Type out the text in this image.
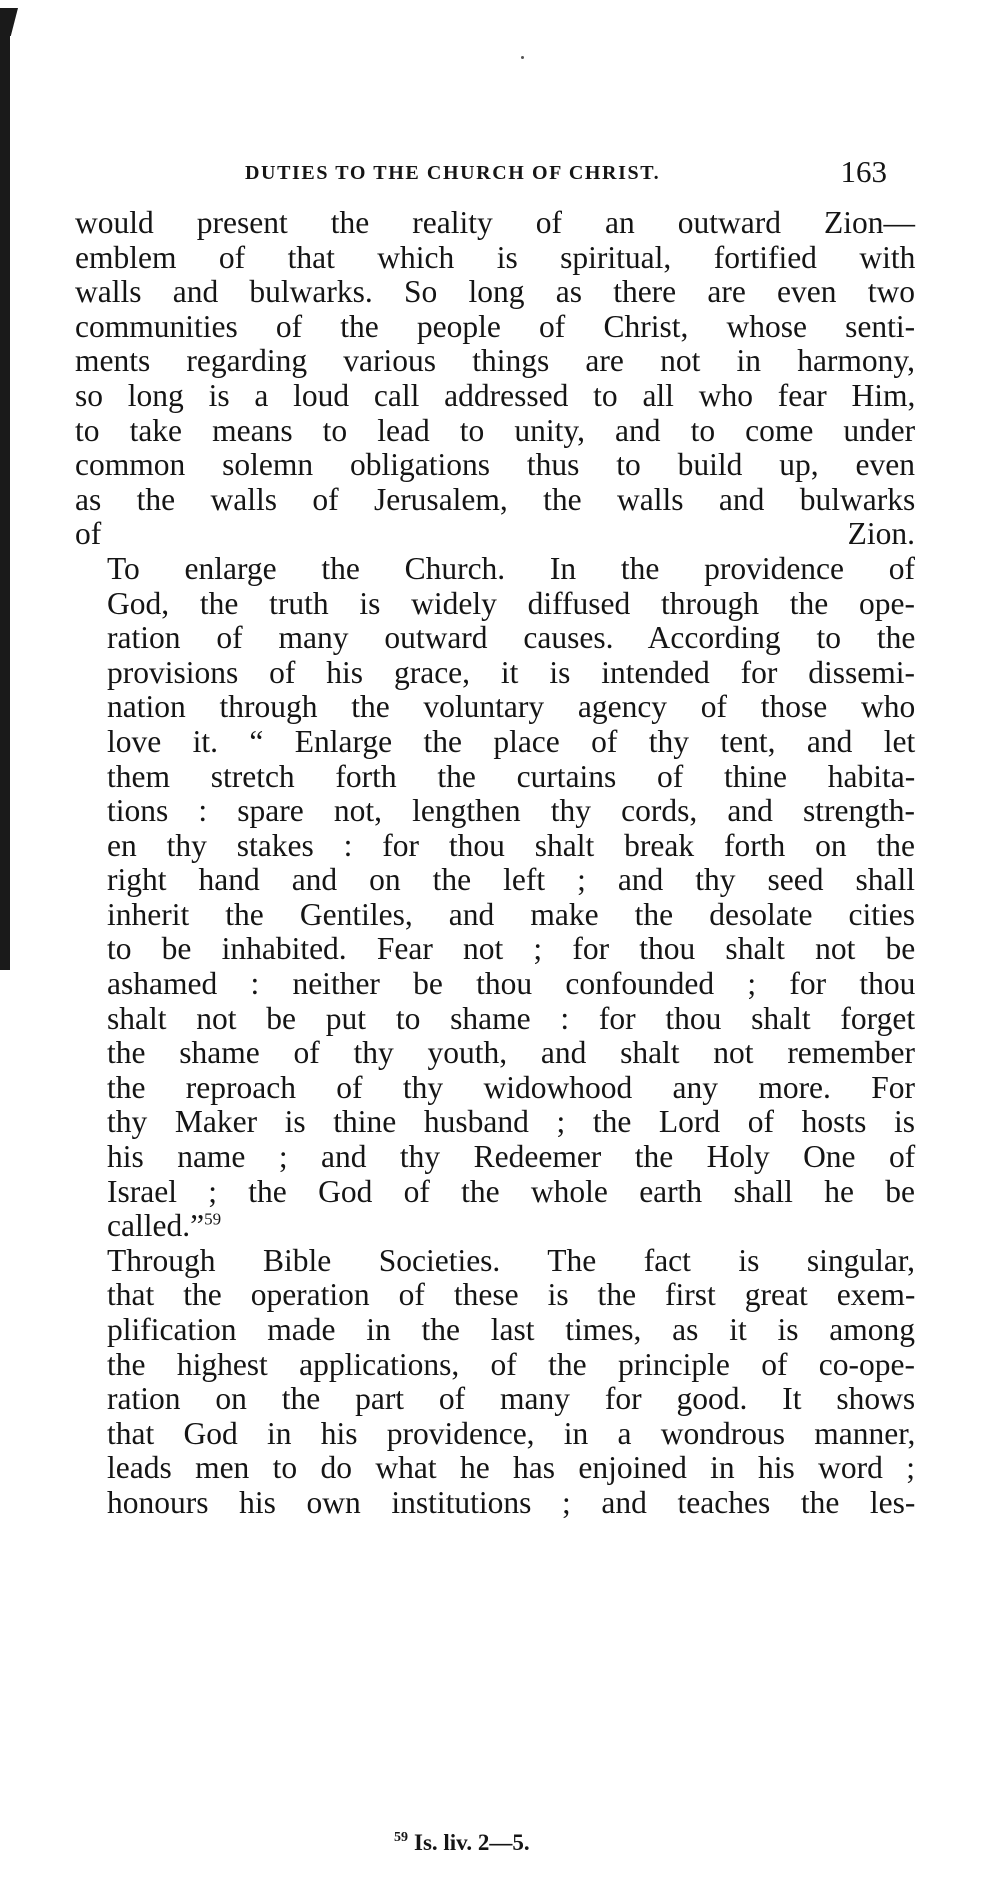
DUTIES TO THE CHURCH OF CHRIST.	163

would present the reality of an outward Zion—
emblem of that which is spiritual, fortified with
walls and bulwarks. So long as there are even two
communities of the people of Christ, whose senti-
ments regarding various things are not in harmony,
so long is a loud call addressed to all who fear Him,
to take means to lead to unity, and to come under
common solemn obligations thus to build up, even
as the walls of Jerusalem, the walls and bulwarks
of Zion.

To enlarge the Church. In the providence of
God, the truth is widely diffused through the ope-
ration of many outward causes. According to the
provisions of his grace, it is intended for dissemi-
nation through the voluntary agency of those who
love it. “ Enlarge the place of thy tent, and let
them stretch forth the curtains of thine habita-
tions : spare not, lengthen thy cords, and strength-
en thy stakes : for thou shalt break forth on the
right hand and on the left ; and thy seed shall
inherit the Gentiles, and make the desolate cities
to be inhabited. Fear not ; for thou shalt not be
ashamed : neither be thou confounded ; for thou
shalt not be put to shame : for thou shalt forget
the shame of thy youth, and shalt not remember
the reproach of thy widowhood any more. For
thy Maker is thine husband ; the Lord of hosts is
his name ; and thy Redeemer the Holy One of
Israel ; the God of the whole earth shall he be
called.”$^{59}$

Through Bible Societies. The fact is singular,
that the operation of these is the first great exem-
plification made in the last times, as it is among
the highest applications, of the principle of co-ope-
ration on the part of many for good. It shows
that God in his providence, in a wondrous manner,
leads men to do what he has enjoined in his word ;
honours his own institutions ; and teaches the les-

$^{59}$ Is. liv. 2—5.
